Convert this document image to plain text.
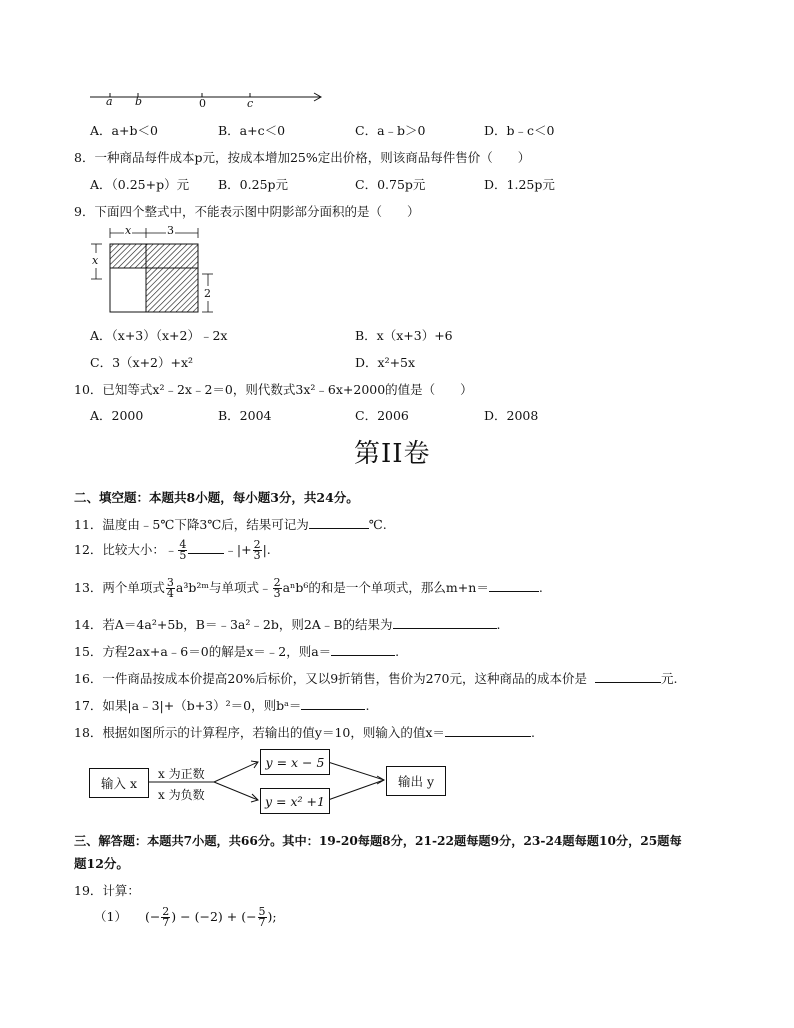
a b	0	c
A．a+b＜0	B．a+c＜0	C．a﹣b＞0	D．b﹣c＜0
8．一种商品每件成本p元，按成本增加25%定出价格，则该商品每件售价（　　）
A．（0.25+p）元 B．0.25p元	C．0.75p元	D．1.25p元
9．下面四个整式中，不能表示图中阴影部分面积的是（　　）
x	3
x
2
A．（x+3）（x+2）﹣2x	B．x（x+3）+6
C．3（x+2）+x²	D．x²+5x
10．已知等式x²﹣2x﹣2＝0，则代数式3x²﹣6x+2000的值是（　　）
A．2000	B．2004	C．2006	D．2008
第II卷
二、填空题：本题共8小题，每小题3分，共24分。
11．温度由﹣5℃下降3℃后，结果可记为	℃.
12．比较大小：﹣ $\frac{4}{5}$	﹣|+ $\frac{2}{3}$ |.
13．两个单项式 $\frac{3}{4}$ a³b²ᵐ与单项式﹣ $\frac{2}{3} a^nb^6$的和是一个单项式，那么m+n＝	.
14．若A＝4a²+5b，B＝﹣3a²﹣2b，则2A﹣B的结果为	.
15．方程2ax+a﹣6＝0的解是x＝﹣2，则a＝	.
16．一件商品按成本价提高20%后标价，又以9折销售，售价为270元，这种商品的成本价是	元.
17．如果|a﹣3|+（b+3）²＝0，则bᵃ＝	.
18．根据如图所示的计算程序，若输出的值y＝10，则输入的值x＝	.
输入 x
x 为正数
x 为负数
y = x − 5
y = x² +1
输出 y
三、解答题：本题共7小题，共66分。其中：19-20每题8分，21-22题每题9分，23-24题每题10分，25题每
题12分。
19．计算：
（1） (− $\frac{2}{7}$ ) − (−2) + (− $\frac{5}{7}$ );
